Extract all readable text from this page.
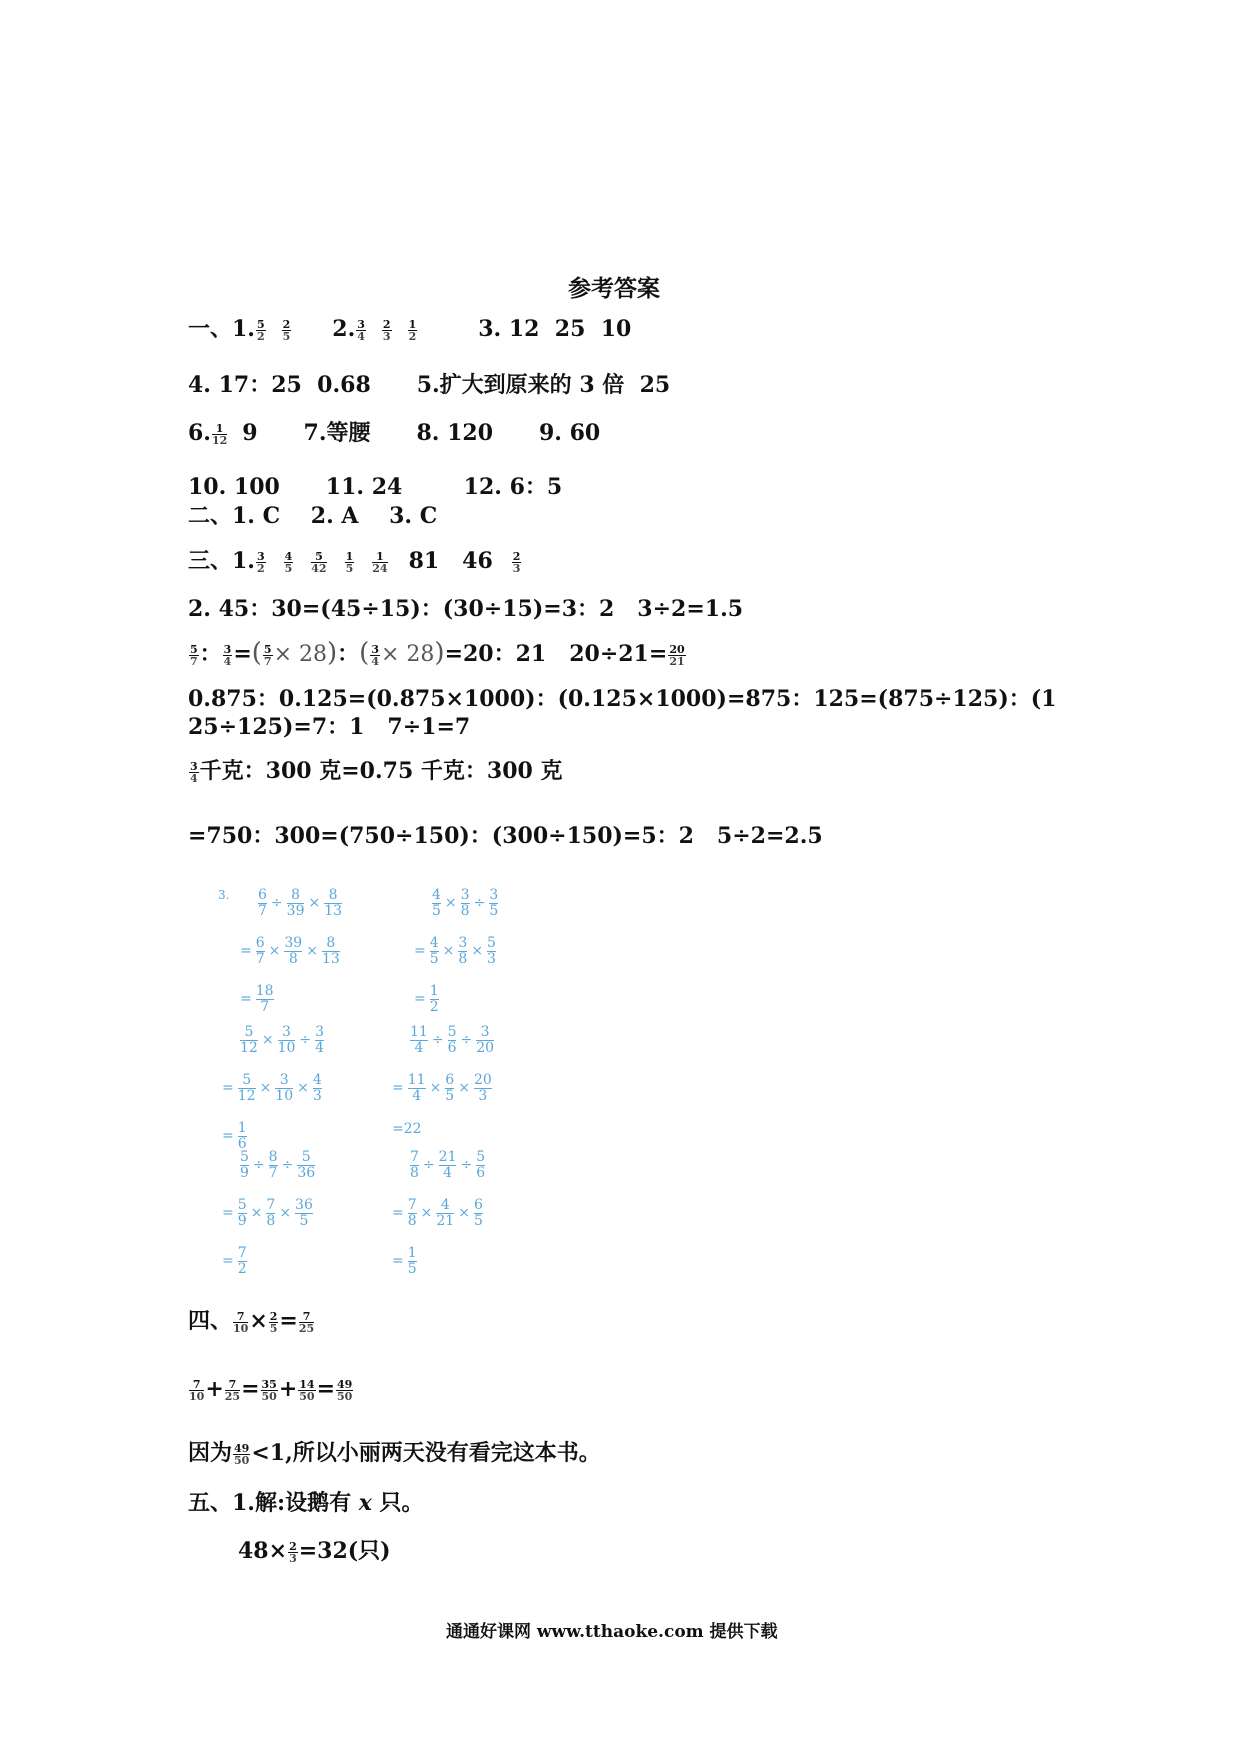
参考答案
一、1. $\frac{5}{2} \frac{2}{5} 2$. $\frac{3}{4} \frac{2}{3} \frac{1}{2}$	3. 12  25  10
4. 17：25  0.68      5.扩大到原来的 3 倍  25
6. $\frac{1}{12} 9$      7.等腰      8. 120      9. 60
10. 100      11. 24        12. 6：5
二、1. C    2. A    3. C
三、1. $\frac{3}{2} \frac{4}{5} \frac{5}{42} \frac{1}{5} \frac{1}{24} 81$   $46 \frac{2}{3}$
2. 45：30=(45÷15)：(30÷15)=3：2   3÷2=1.5
$\frac{5}{7}$ ： $\frac{3}{4}$ =( $\frac{5}{7} \times 28$)：( $\frac{3}{4} \times 28)=20$：21   $20\div 21= \frac{20}{21}$
0.875：0.125=(0.875×1000)：(0.125×1000)=875：125=(875÷125)：(1
25÷125)=7：1   7÷1=7
$\frac{3}{4}$ 千克：300 克=0.75 千克：300 克
=750：300=(750÷150)：(300÷150)=5：2   5÷2=2.5
3. $\frac{6}{7} \div \frac{8}{39} \times \frac{8}{13}$
= $\frac{6}{7} \times \frac{39}{8} \times \frac{8}{13}$
= $\frac{18}{7}$
$\frac{4}{5} \times \frac{3}{8} \div \frac{3}{5}$
= $\frac{4}{5} \times \frac{3}{8} \times \frac{5}{3}$
= $\frac{1}{2}$
$\frac{5}{12} \times \frac{3}{10} \div \frac{3}{4}$
= $\frac{5}{12} \times \frac{3}{10} \times \frac{4}{3}$
= $\frac{1}{6}$
$\frac{11}{4} \div \frac{5}{6} \div \frac{3}{20}$
= $\frac{11}{4} \times \frac{6}{5} \times \frac{20}{3}$
=22
$\frac{5}{9} \div \frac{8}{7} \div \frac{5}{36}$
= $\frac{5}{9} \times \frac{7}{8} \times \frac{36}{5}$
= $\frac{7}{2}$
$\frac{7}{8} \div \frac{21}{4} \div \frac{5}{6}$
= $\frac{7}{8} \times \frac{4}{21} \times \frac{6}{5}$
= $\frac{1}{5}$
四、 $\frac{7}{10} \times \frac{2}{5} = \frac{7}{25}$
$\frac{7}{10} + \frac{7}{25} = \frac{35}{50} + \frac{14}{50} = \frac{49}{50}$
因为 $\frac{49}{50} <1$,所以小丽两天没有看完这本书。
五、1.解:设鹅有 x 只。
$48\times \frac{2}{3} =32$(只)
通通好课网 www.tthaoke.com 提供下载
